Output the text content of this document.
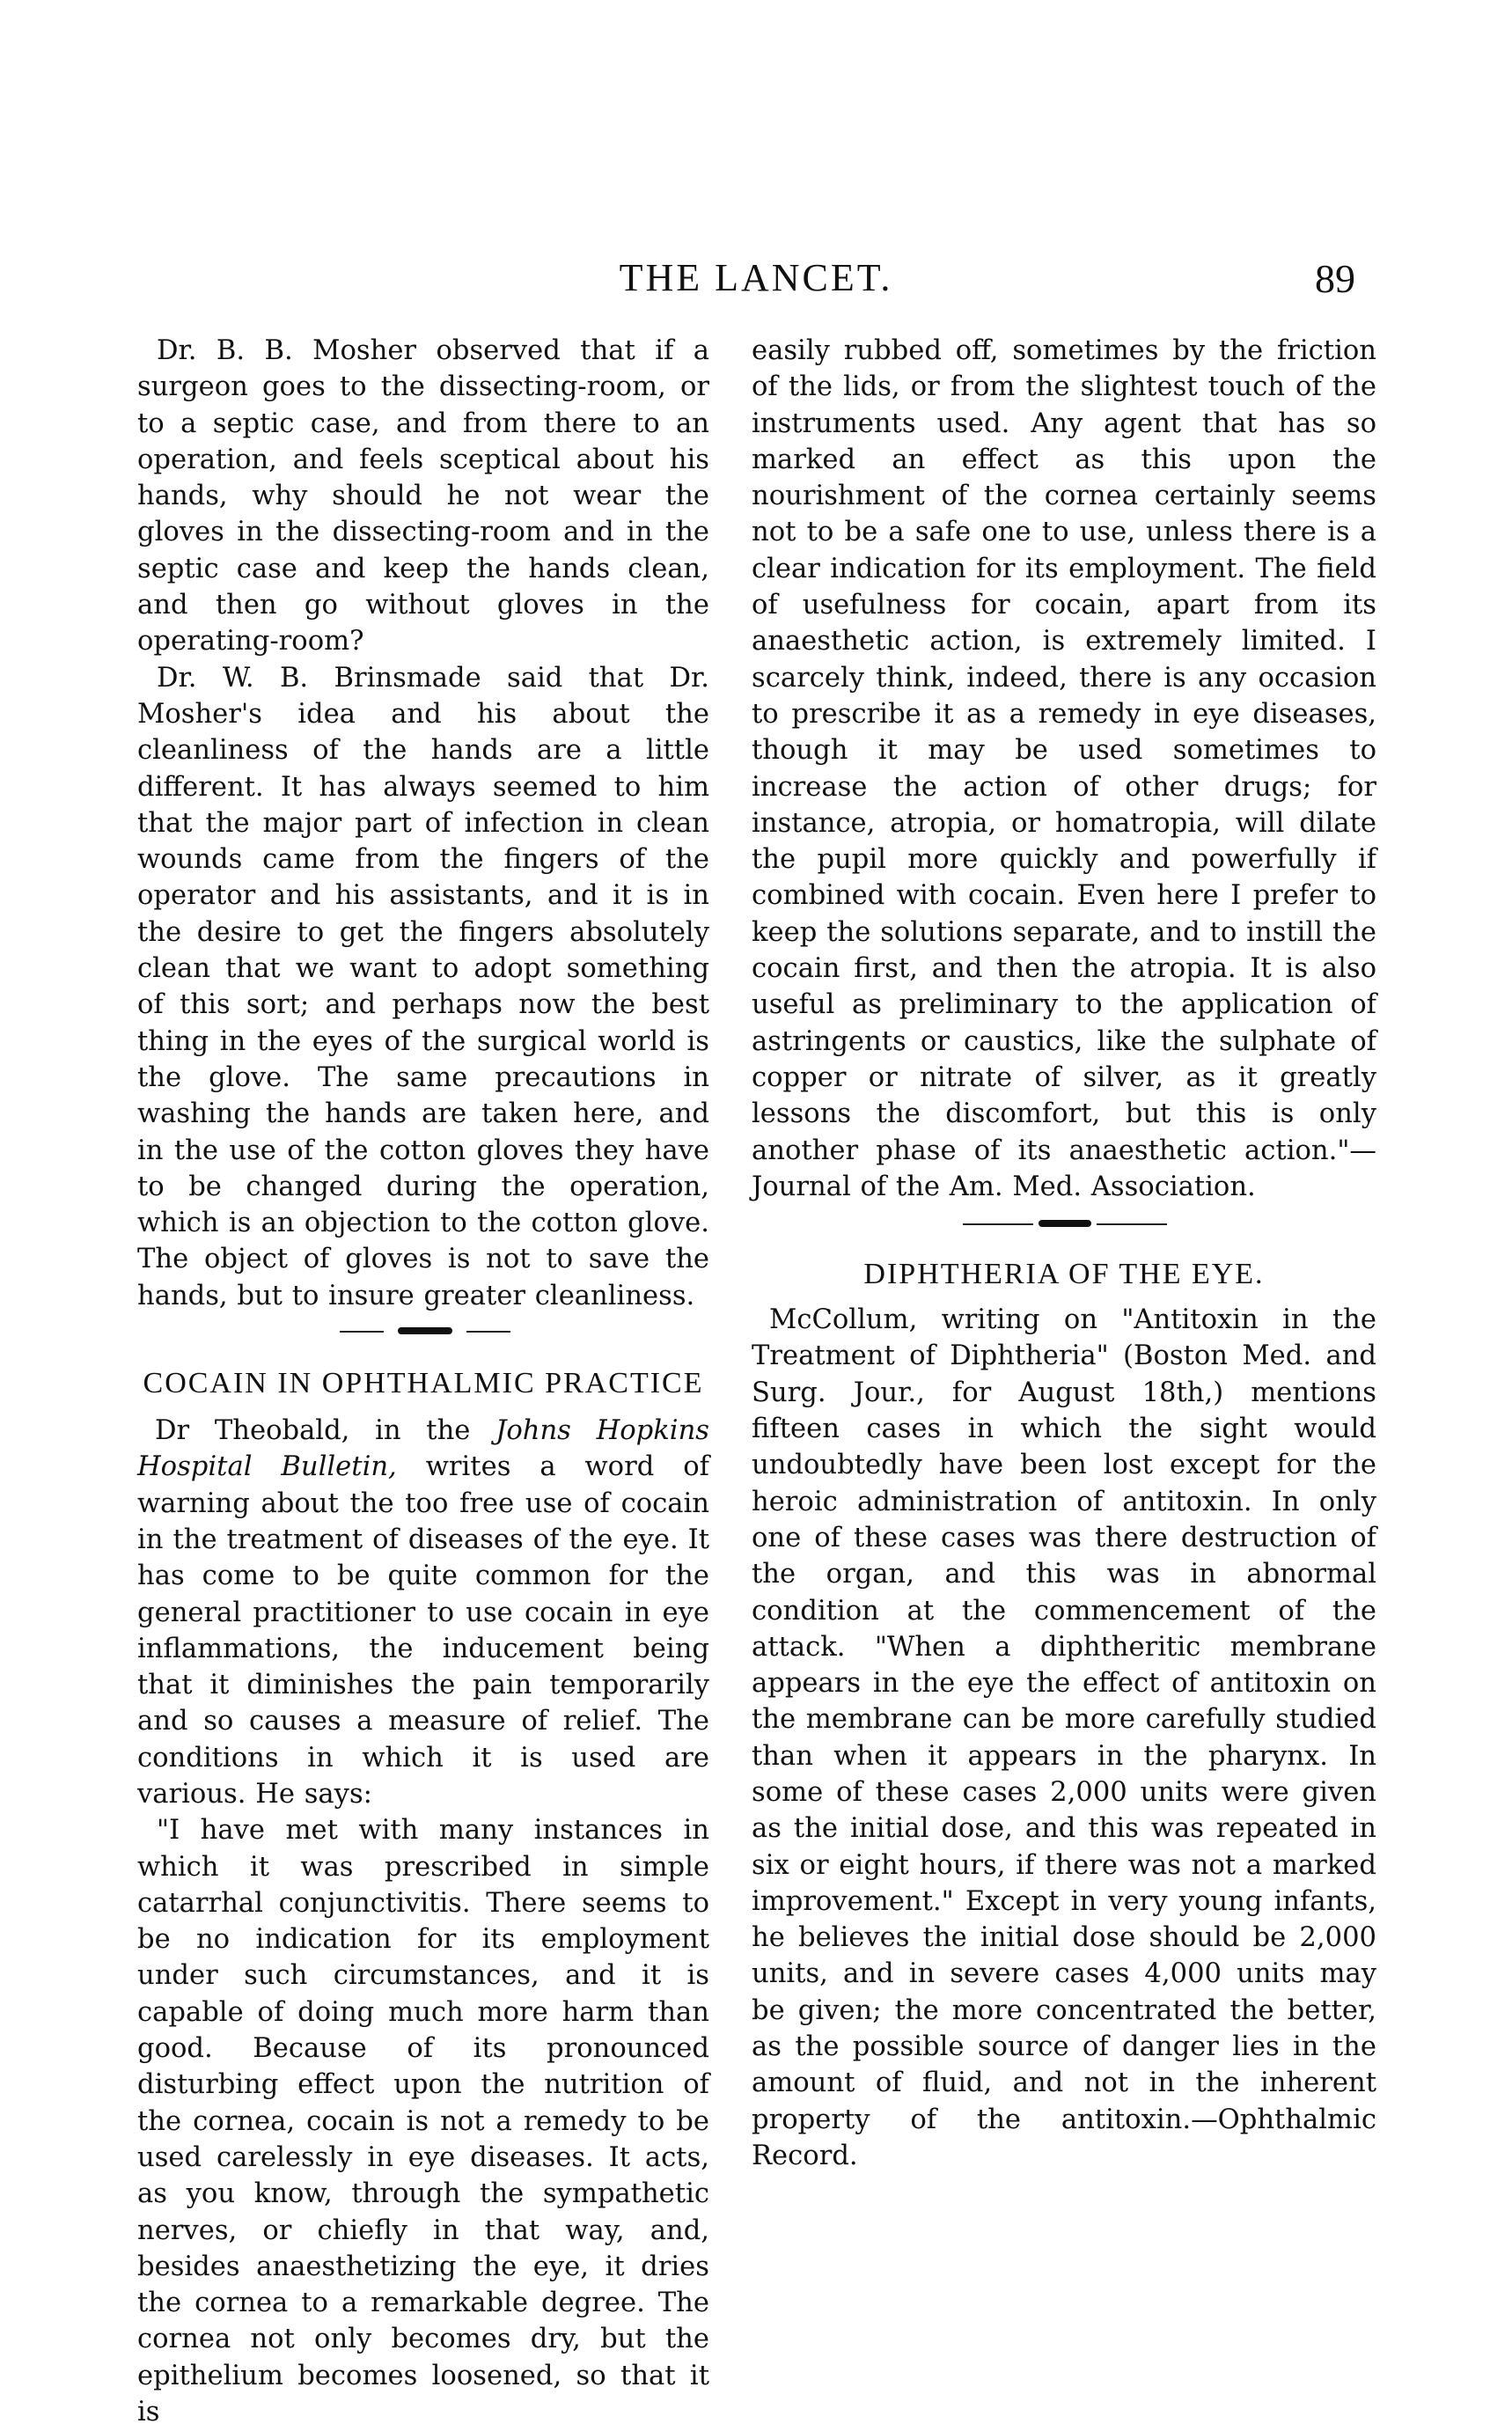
THE LANCET.	89

Dr. B. B. Mosher observed that if a surgeon goes to the dissecting-room, or to a septic case, and from there to an operation, and feels sceptical about his hands, why should he not wear the gloves in the dissecting-room and in the septic case and keep the hands clean, and then go without gloves in the operating-room?

Dr. W. B. Brinsmade said that Dr. Mosher's idea and his about the cleanliness of the hands are a little different. It has always seemed to him that the major part of infection in clean wounds came from the fingers of the operator and his assistants, and it is in the desire to get the fingers absolutely clean that we want to adopt something of this sort; and perhaps now the best thing in the eyes of the surgical world is the glove. The same precautions in washing the hands are taken here, and in the use of the cotton gloves they have to be changed during the operation, which is an objection to the cotton glove. The object of gloves is not to save the hands, but to insure greater cleanliness.

COCAIN IN OPHTHALMIC PRACTICE

Dr Theobald, in the Johns Hopkins Hospital Bulletin, writes a word of warning about the too free use of cocain in the treatment of diseases of the eye. It has come to be quite common for the general practitioner to use cocain in eye inflammations, the inducement being that it diminishes the pain temporarily and so causes a measure of relief. The conditions in which it is used are various. He says:

"I have met with many instances in which it was prescribed in simple catarrhal conjunctivitis. There seems to be no indication for its employment under such circumstances, and it is capable of doing much more harm than good. Because of its pronounced disturbing effect upon the nutrition of the cornea, cocain is not a remedy to be used carelessly in eye diseases. It acts, as you know, through the sympathetic nerves, or chiefly in that way, and, besides anaesthetizing the eye, it dries the cornea to a remarkable degree. The cornea not only becomes dry, but the epithelium becomes loosened, so that it is

easily rubbed off, sometimes by the friction of the lids, or from the slightest touch of the instruments used. Any agent that has so marked an effect as this upon the nourishment of the cornea certainly seems not to be a safe one to use, unless there is a clear indication for its employment. The field of usefulness for cocain, apart from its anaesthetic action, is extremely limited. I scarcely think, indeed, there is any occasion to prescribe it as a remedy in eye diseases, though it may be used sometimes to increase the action of other drugs; for instance, atropia, or homatropia, will dilate the pupil more quickly and powerfully if combined with cocain. Even here I prefer to keep the solutions separate, and to instill the cocain first, and then the atropia. It is also useful as preliminary to the application of astringents or caustics, like the sulphate of copper or nitrate of silver, as it greatly lessons the discomfort, but this is only another phase of its anaesthetic action."—Journal of the Am. Med. Association.

DIPHTHERIA OF THE EYE.

McCollum, writing on "Antitoxin in the Treatment of Diphtheria" (Boston Med. and Surg. Jour., for August 18th,) mentions fifteen cases in which the sight would undoubtedly have been lost except for the heroic administration of antitoxin. In only one of these cases was there destruction of the organ, and this was in abnormal condition at the commencement of the attack. "When a diphtheritic membrane appears in the eye the effect of antitoxin on the membrane can be more carefully studied than when it appears in the pharynx. In some of these cases 2,000 units were given as the initial dose, and this was repeated in six or eight hours, if there was not a marked improvement." Except in very young infants, he believes the initial dose should be 2,000 units, and in severe cases 4,000 units may be given; the more concentrated the better, as the possible source of danger lies in the amount of fluid, and not in the inherent property of the antitoxin.—Ophthalmic Record.
